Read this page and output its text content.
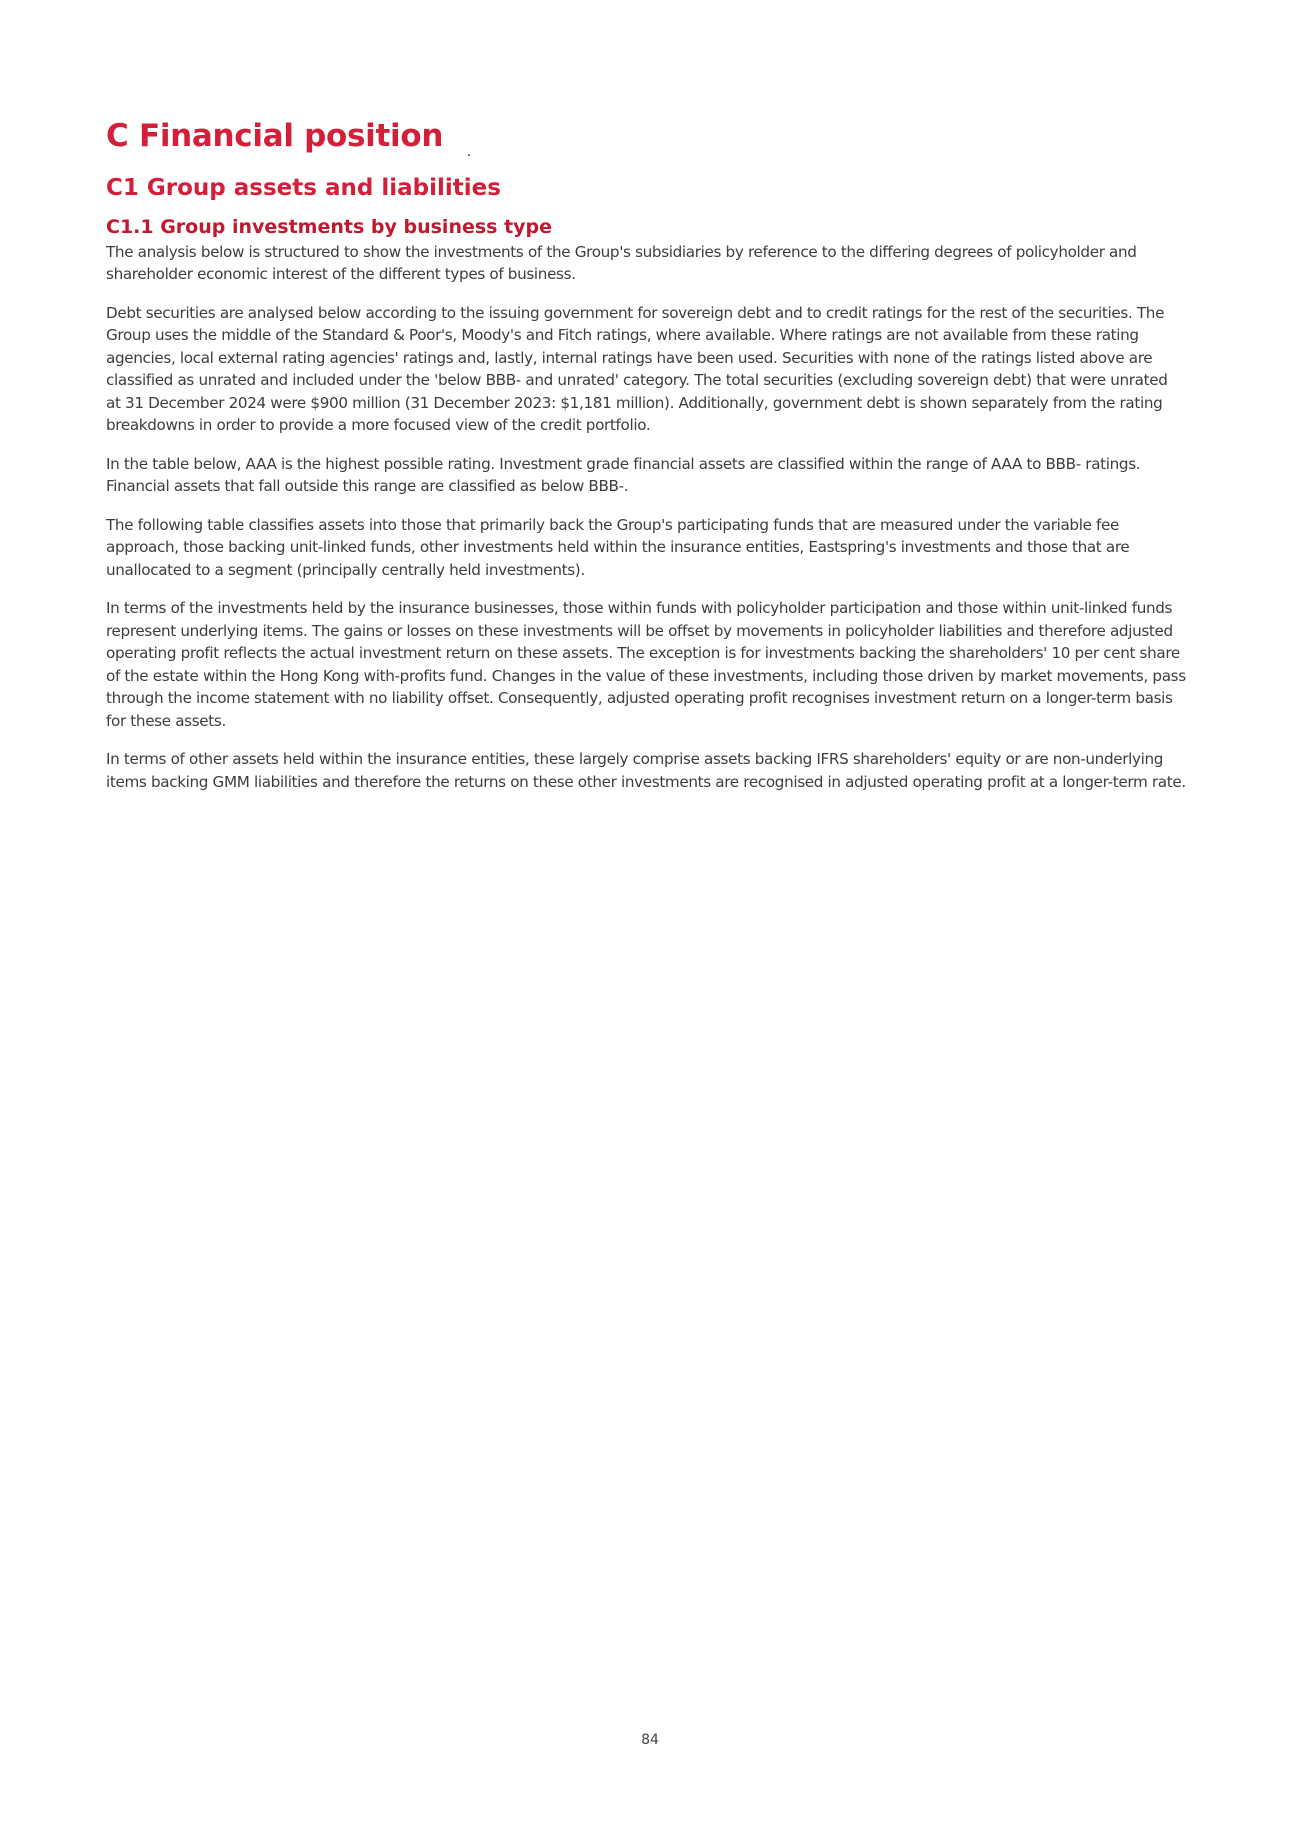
C Financial position
C1 Group assets and liabilities
C1.1 Group investments by business type

The analysis below is structured to show the investments of the Group's subsidiaries by reference to the differing degrees of policyholder and shareholder economic interest of the different types of business.

Debt securities are analysed below according to the issuing government for sovereign debt and to credit ratings for the rest of the securities. The Group uses the middle of the Standard & Poor's, Moody's and Fitch ratings, where available. Where ratings are not available from these rating agencies, local external rating agencies' ratings and, lastly, internal ratings have been used. Securities with none of the ratings listed above are classified as unrated and included under the 'below BBB- and unrated' category. The total securities (excluding sovereign debt) that were unrated at 31 December 2024 were $900 million (31 December 2023: $1,181 million). Additionally, government debt is shown separately from the rating breakdowns in order to provide a more focused view of the credit portfolio.

In the table below, AAA is the highest possible rating. Investment grade financial assets are classified within the range of AAA to BBB- ratings. Financial assets that fall outside this range are classified as below BBB-.

The following table classifies assets into those that primarily back the Group's participating funds that are measured under the variable fee approach, those backing unit-linked funds, other investments held within the insurance entities, Eastspring's investments and those that are unallocated to a segment (principally centrally held investments).

In terms of the investments held by the insurance businesses, those within funds with policyholder participation and those within unit-linked funds represent underlying items. The gains or losses on these investments will be offset by movements in policyholder liabilities and therefore adjusted operating profit reflects the actual investment return on these assets. The exception is for investments backing the shareholders' 10 per cent share of the estate within the Hong Kong with-profits fund. Changes in the value of these investments, including those driven by market movements, pass through the income statement with no liability offset. Consequently, adjusted operating profit recognises investment return on a longer-term basis for these assets.

In terms of other assets held within the insurance entities, these largely comprise assets backing IFRS shareholders' equity or are non-underlying items backing GMM liabilities and therefore the returns on these other investments are recognised in adjusted operating profit at a longer-term rate.

84
